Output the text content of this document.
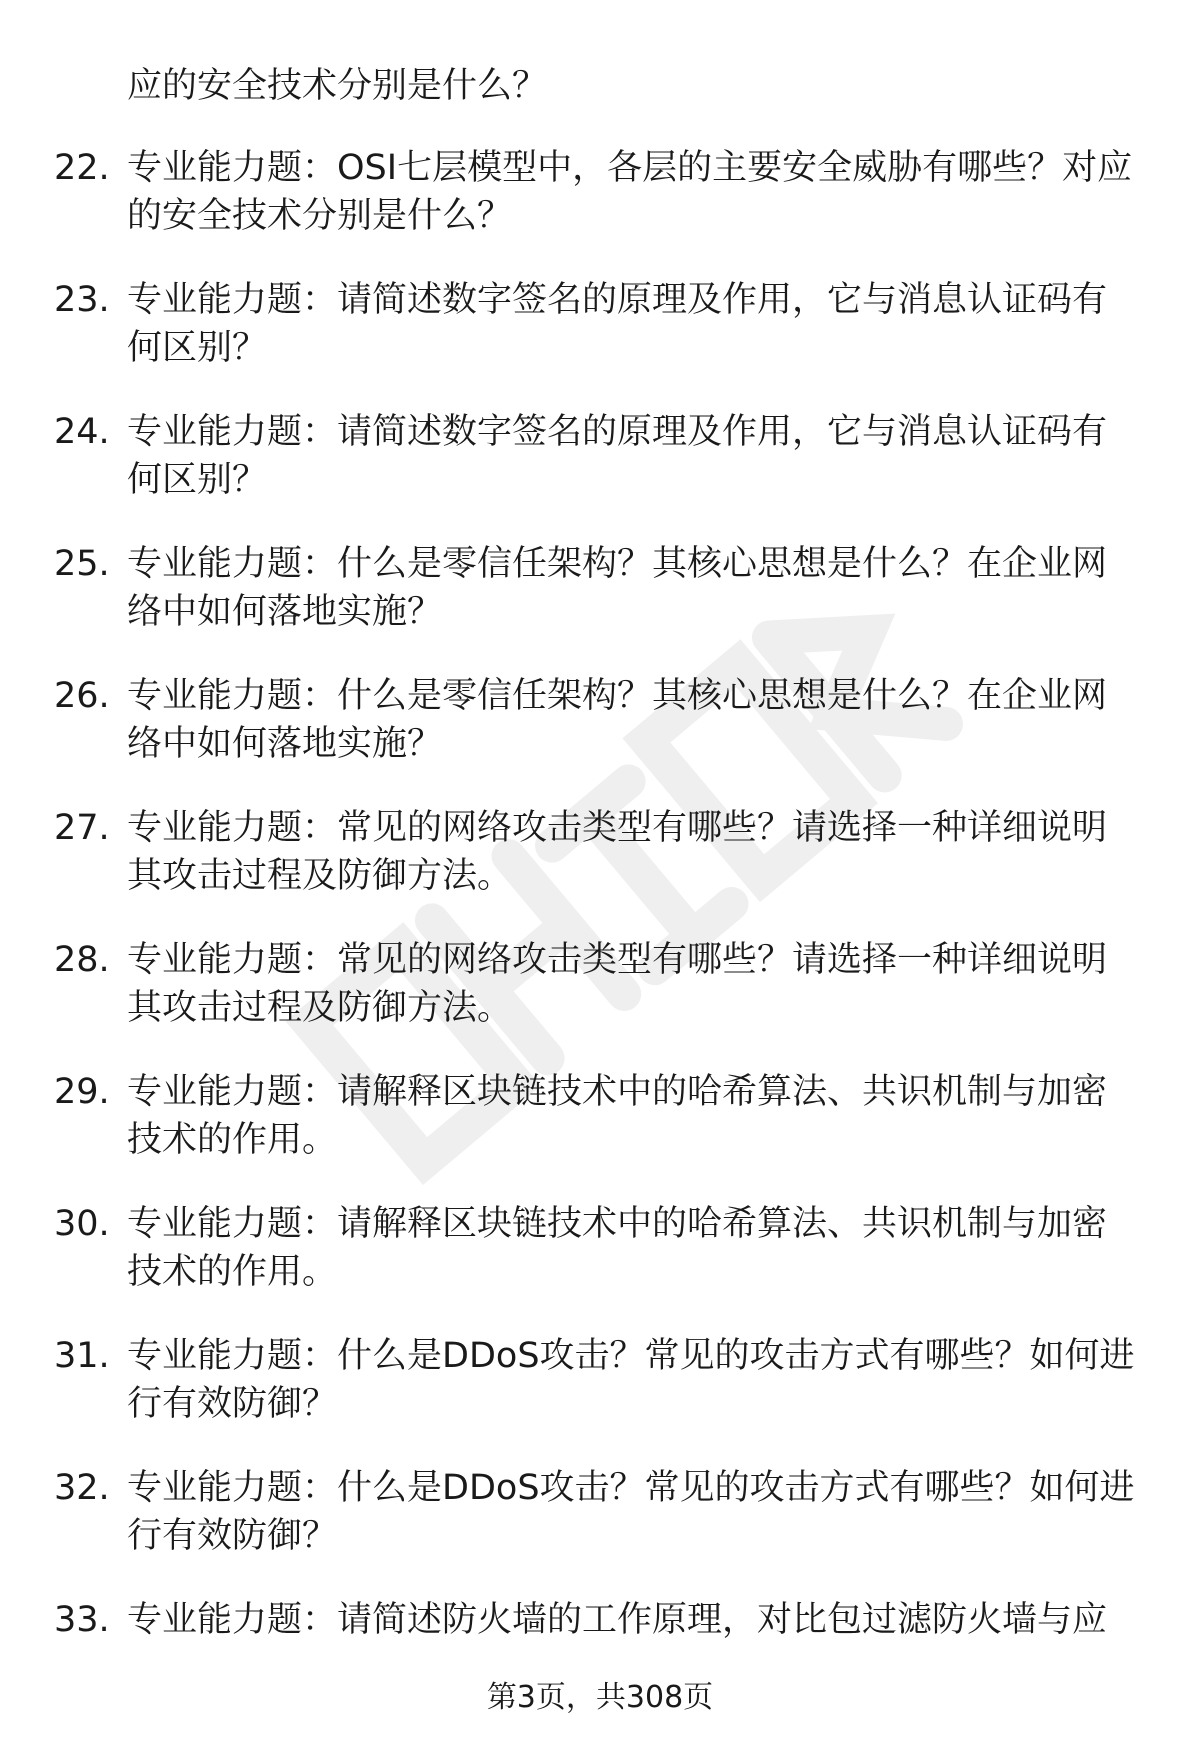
应的安全技术分别是什么？

22. 专业能力题：OSI七层模型中，各层的主要安全威胁有哪些？对应的安全技术分别是什么？

23. 专业能力题：请简述数字签名的原理及作用，它与消息认证码有何区别？

24. 专业能力题：请简述数字签名的原理及作用，它与消息认证码有何区别？

25. 专业能力题：什么是零信任架构？其核心思想是什么？在企业网络中如何落地实施？

26. 专业能力题：什么是零信任架构？其核心思想是什么？在企业网络中如何落地实施？

27. 专业能力题：常见的网络攻击类型有哪些？请选择一种详细说明其攻击过程及防御方法。

28. 专业能力题：常见的网络攻击类型有哪些？请选择一种详细说明其攻击过程及防御方法。

29. 专业能力题：请解释区块链技术中的哈希算法、共识机制与加密技术的作用。

30. 专业能力题：请解释区块链技术中的哈希算法、共识机制与加密技术的作用。

31. 专业能力题：什么是DDoS攻击？常见的攻击方式有哪些？如何进行有效防御？

32. 专业能力题：什么是DDoS攻击？常见的攻击方式有哪些？如何进行有效防御？

33. 专业能力题：请简述防火墙的工作原理，对比包过滤防火墙与应

第3页，共308页
